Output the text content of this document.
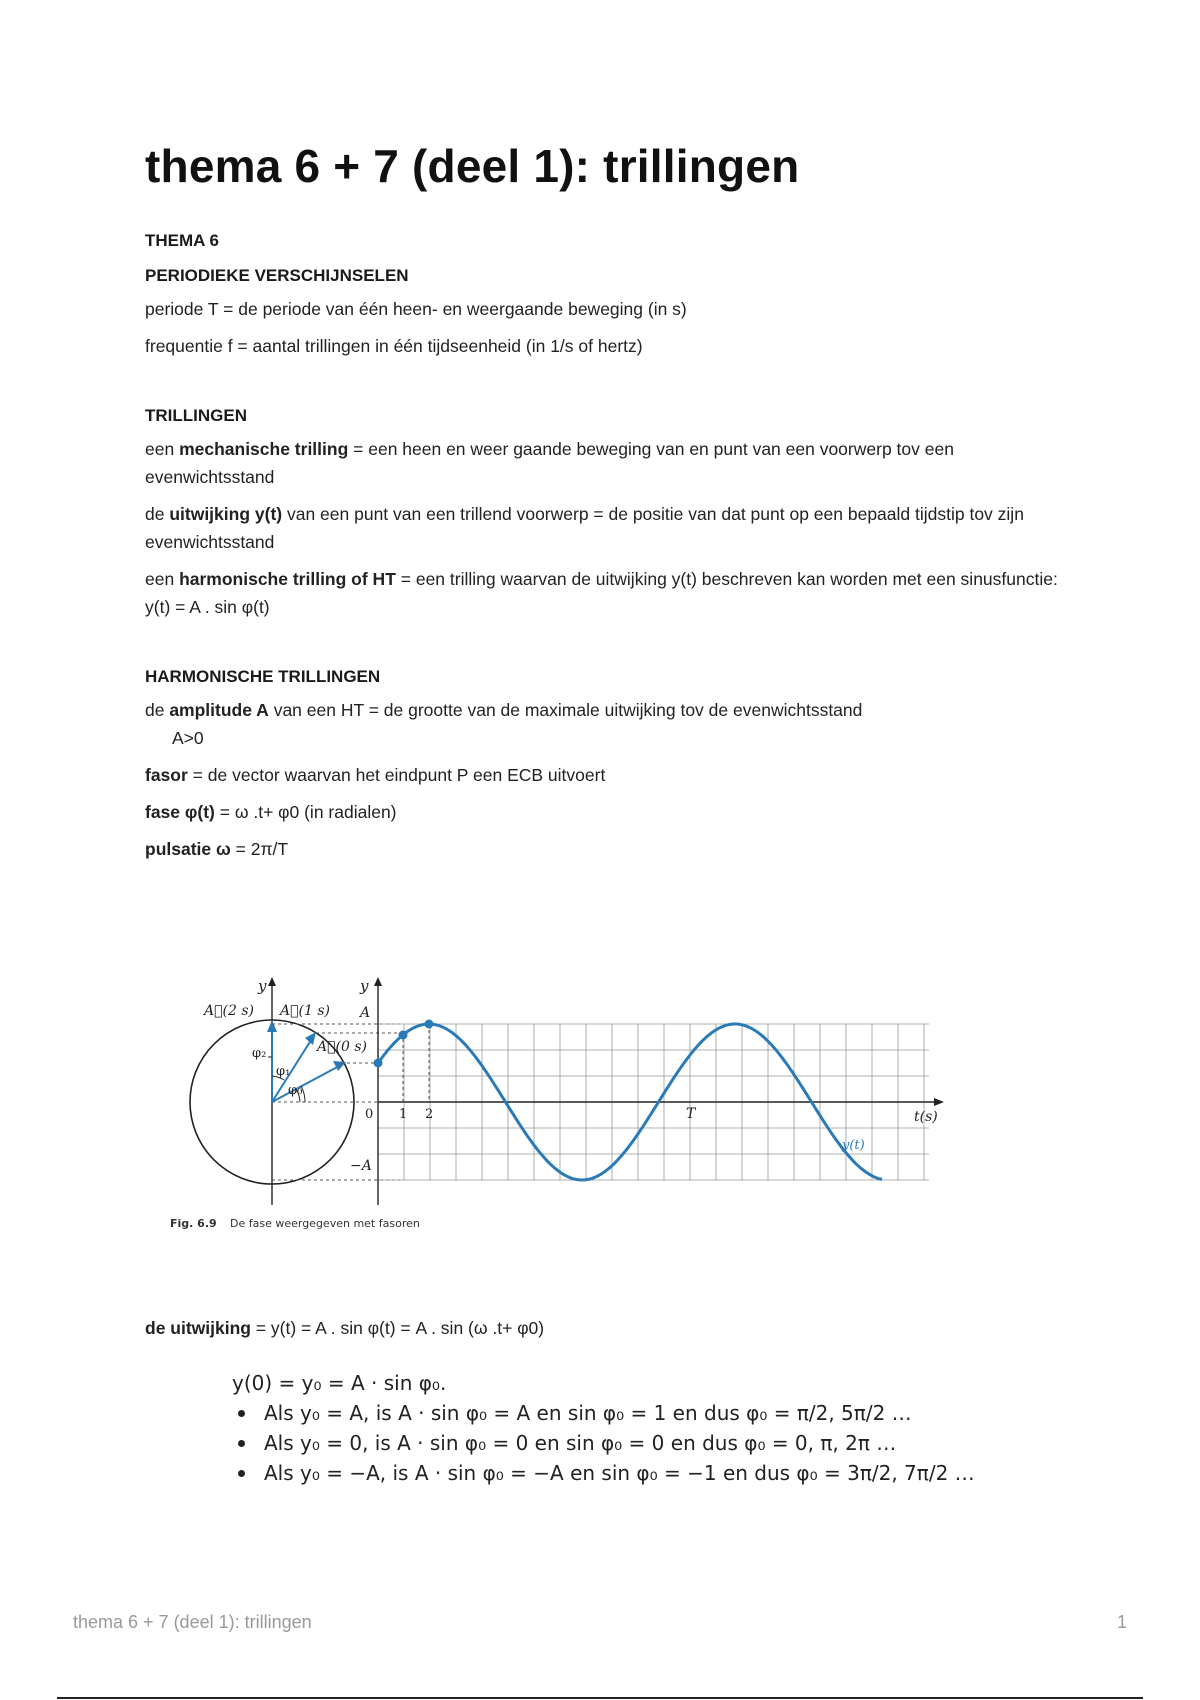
thema 6 + 7 (deel 1): trillingen

THEMA 6

PERIODIEKE VERSCHIJNSELEN

periode T = de periode van één heen- en weergaande beweging (in s)

frequentie f = aantal trillingen in één tijdseenheid (in 1/s of hertz)

TRILLINGEN

een mechanische trilling = een heen en weer gaande beweging van en punt van een voorwerp tov een evenwichtsstand

de uitwijking y(t) van een punt van een trillend voorwerp = de positie van dat punt op een bepaald tijdstip tov zijn evenwichtsstand

een harmonische trilling of HT = een trilling waarvan de uitwijking y(t) beschreven kan worden met een sinusfunctie: y(t) = A . sin φ(t)

HARMONISCHE TRILLINGEN

de amplitude A van een HT = de grootte van de maximale uitwijking tov de evenwichtsstand

A>0

fasor = de vector waarvan het eindpunt P een ECB uitvoert

fase φ(t) = ω .t+ φ0 (in radialen)

pulsatie ω = 2π/T

y
A⃗(2 s) A⃗(1 s)
A⃗(0 s)
φ₂
φ₁
φ₀
y
A
−A
0 1 2	T	t(s)
y(t)
Fig. 6.9 De fase weergegeven met fasoren

de uitwijking = y(t) = A . sin φ(t) = A . sin (ω .t+ φ0)

y(0) = y₀ = A · sin φ₀.
Als y₀ = A, is A · sin φ₀ = A en sin φ₀ = 1 en dus φ₀ = π/2, 5π/2 …
Als y₀ = 0, is A · sin φ₀ = 0 en sin φ₀ = 0 en dus φ₀ = 0, π, 2π …
Als y₀ = −A, is A · sin φ₀ = −A en sin φ₀ = −1 en dus φ₀ = 3π/2, 7π/2 …
thema 6 + 7 (deel 1): trillingen	1
